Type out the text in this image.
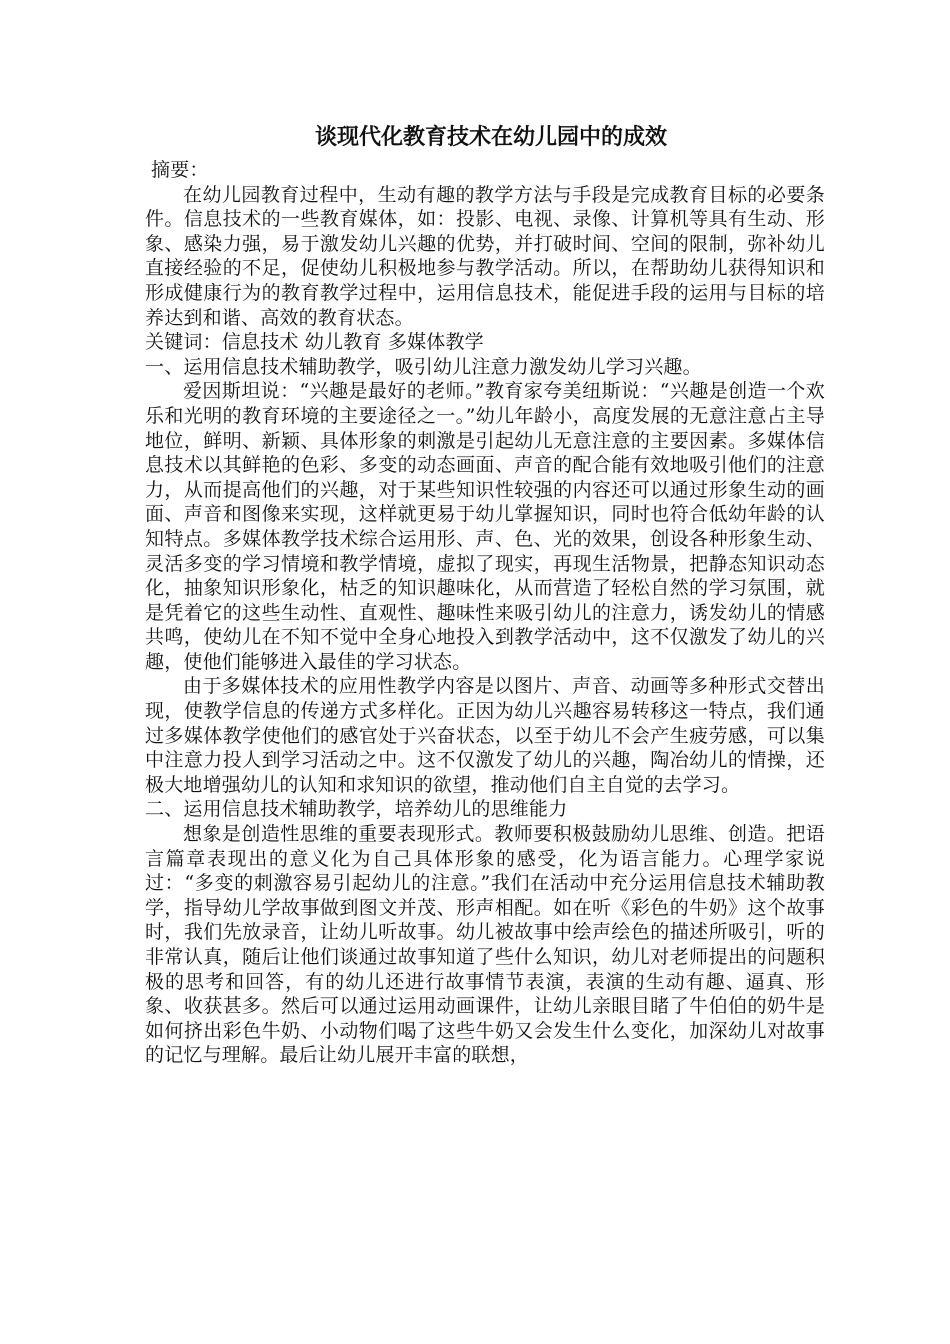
谈现代化教育技术在幼儿园中的成效
摘要：

在幼儿园教育过程中，生动有趣的教学方法与手段是完成教育目标的必要条件。信息技术的一些教育媒体，如：投影、电视、录像、计算机等具有生动、形象、感染力强，易于激发幼儿兴趣的优势，并打破时间、空间的限制，弥补幼儿直接经验的不足，促使幼儿积极地参与教学活动。所以，在帮助幼儿获得知识和形成健康行为的教育教学过程中，运用信息技术，能促进手段的运用与目标的培养达到和谐、高效的教育状态。

关键词：信息技术 幼儿教育 多媒体教学
一、运用信息技术辅助教学，吸引幼儿注意力激发幼儿学习兴趣。

爱因斯坦说：“兴趣是最好的老师。”教育家夸美纽斯说：“兴趣是创造一个欢乐和光明的教育环境的主要途径之一。”幼儿年龄小，高度发展的无意注意占主导地位，鲜明、新颖、具体形象的刺激是引起幼儿无意注意的主要因素。多媒体信息技术以其鲜艳的色彩、多变的动态画面、声音的配合能有效地吸引他们的注意力，从而提高他们的兴趣，对于某些知识性较强的内容还可以通过形象生动的画面、声音和图像来实现，这样就更易于幼儿掌握知识，同时也符合低幼年龄的认知特点。多媒体教学技术综合运用形、声、色、光的效果，创设各种形象生动、灵活多变的学习情境和教学情境，虚拟了现实，再现生活物景，把静态知识动态化，抽象知识形象化，枯乏的知识趣味化，从而营造了轻松自然的学习氛围，就是凭着它的这些生动性、直观性、趣味性来吸引幼儿的注意力，诱发幼儿的情感共鸣，使幼儿在不知不觉中全身心地投入到教学活动中，这不仅激发了幼儿的兴趣，使他们能够进入最佳的学习状态。

由于多媒体技术的应用性教学内容是以图片、声音、动画等多种形式交替出现，使教学信息的传递方式多样化。正因为幼儿兴趣容易转移这一特点，我们通过多媒体教学使他们的感官处于兴奋状态，以至于幼儿不会产生疲劳感，可以集中注意力投人到学习活动之中。这不仅激发了幼儿的兴趣，陶冶幼儿的情操，还极大地增强幼儿的认知和求知识的欲望，推动他们自主自觉的去学习。

二、运用信息技术辅助教学，培养幼儿的思维能力

想象是创造性思维的重要表现形式。教师要积极鼓励幼儿思维、创造。把语言篇章表现出的意义化为自己具体形象的感受，化为语言能力。心理学家说过：“多变的刺激容易引起幼儿的注意。”我们在活动中充分运用信息技术辅助教学，指导幼儿学故事做到图文并茂、形声相配。如在听《彩色的牛奶》这个故事时，我们先放录音，让幼儿听故事。幼儿被故事中绘声绘色的描述所吸引，听的非常认真，随后让他们谈通过故事知道了些什么知识，幼儿对老师提出的问题积极的思考和回答，有的幼儿还进行故事情节表演，表演的生动有趣、逼真、形象、收获甚多。然后可以通过运用动画课件，让幼儿亲眼目睹了牛伯伯的奶牛是如何挤出彩色牛奶、小动物们喝了这些牛奶又会发生什么变化，加深幼儿对故事的记忆与理解。最后让幼儿展开丰富的联想，
